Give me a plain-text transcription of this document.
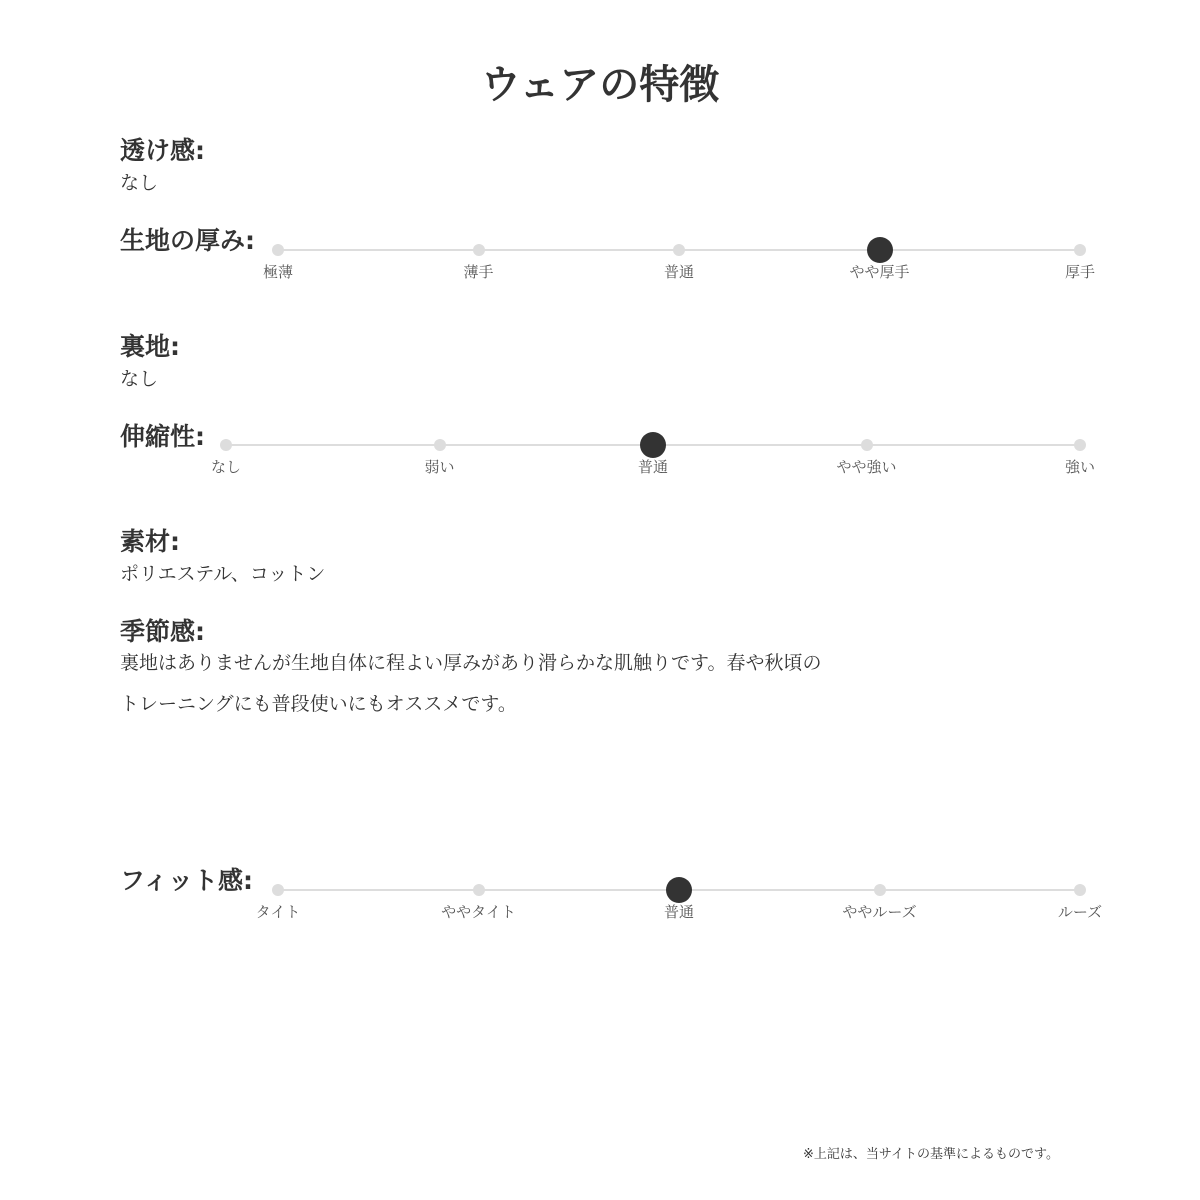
ウェアの特徴
透け感:
なし
生地の厚み:
極薄	薄手	普通	やや厚手	厚手
裏地:
なし
伸縮性:
なし	弱い	普通	やや強い	強い
素材:
ポリエステル、コットン
季節感:
裏地はありませんが生地自体に程よい厚みがあり滑らかな肌触りです。春や秋頃の
トレーニングにも普段使いにもオススメです。
フィット感:
タイト	ややタイト	普通	ややルーズ	ルーズ
※上記は、当サイトの基準によるものです。
